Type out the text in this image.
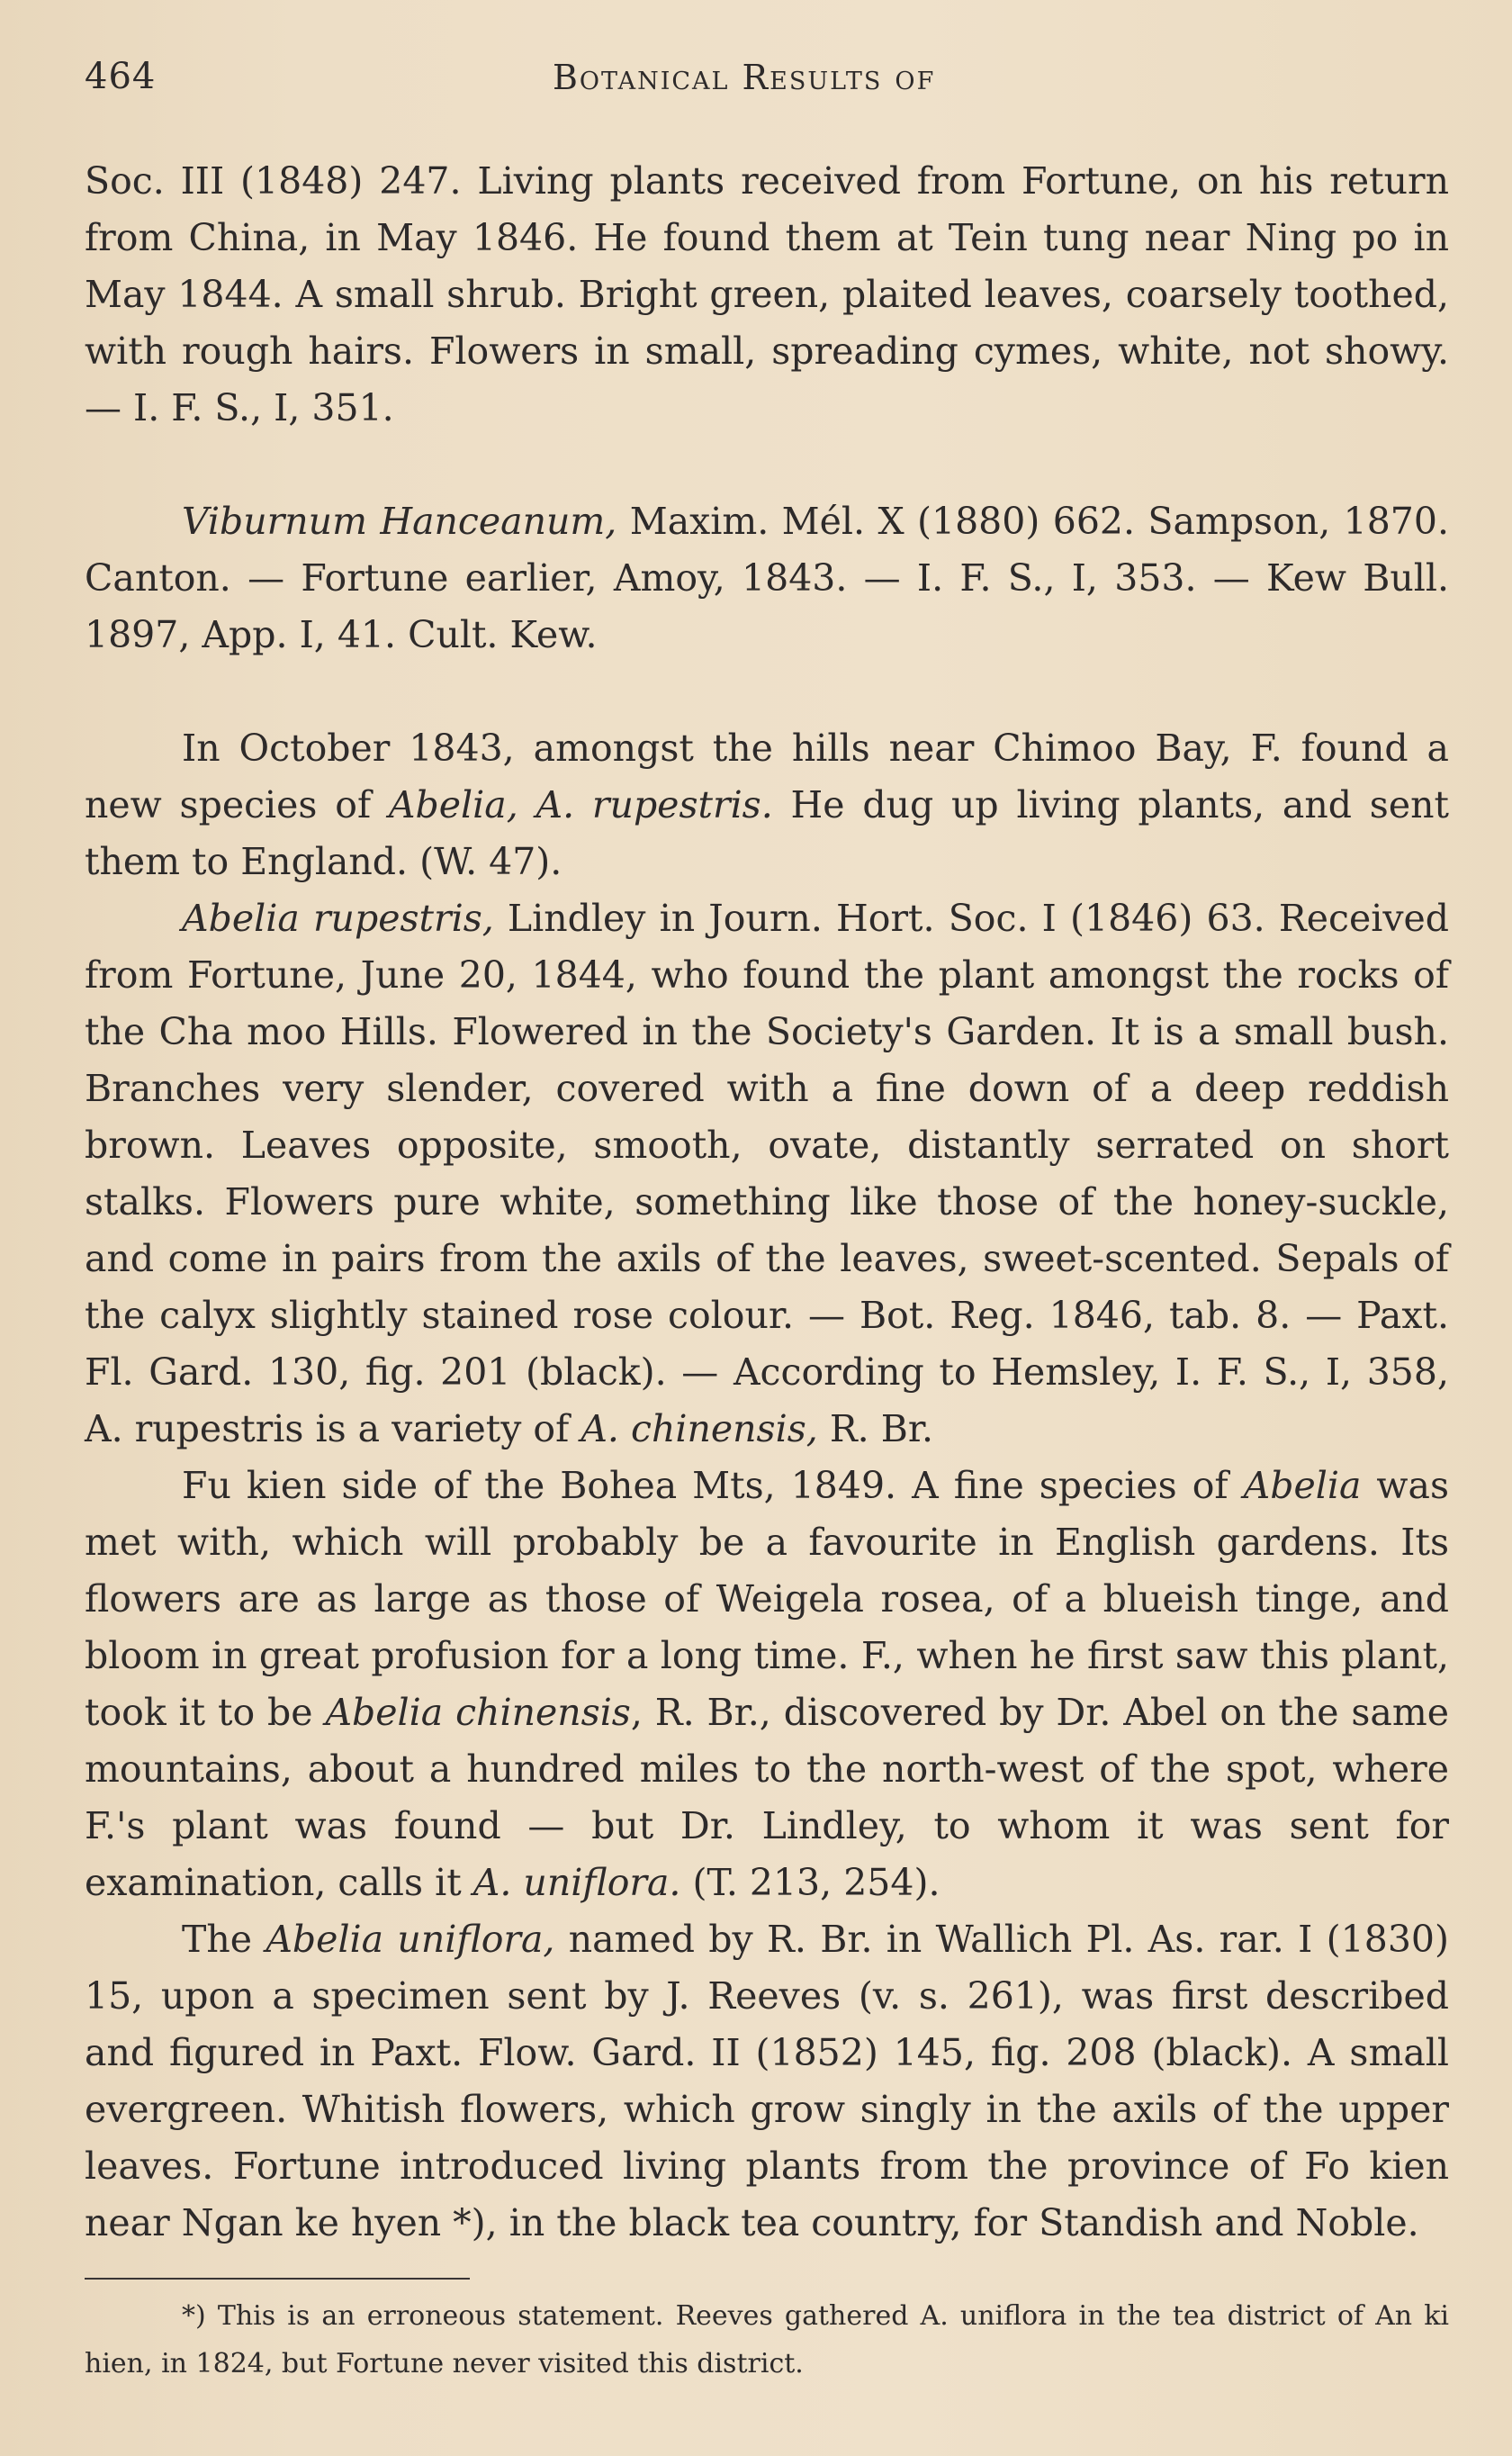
464	Botanical Results of

Soc. III (1848) 247. Living plants received from Fortune, on his return from China, in May 1846. He found them at Tein tung near Ning po in May 1844. A small shrub. Bright green, plaited leaves, coarsely toothed, with rough hairs. Flowers in small, spreading cymes, white, not showy. — I. F. S., I, 351.

Viburnum Hanceanum, Maxim. Mél. X (1880) 662. Sampson, 1870. Canton. — Fortune earlier, Amoy, 1843. — I. F. S., I, 353. — Kew Bull. 1897, App. I, 41. Cult. Kew.

In October 1843, amongst the hills near Chimoo Bay, F. found a new species of Abelia, A. rupestris. He dug up living plants, and sent them to England. (W. 47).

Abelia rupestris, Lindley in Journ. Hort. Soc. I (1846) 63. Received from Fortune, June 20, 1844, who found the plant amongst the rocks of the Cha moo Hills. Flowered in the Society's Garden. It is a small bush. Branches very slender, covered with a fine down of a deep reddish brown. Leaves opposite, smooth, ovate, distantly serrated on short stalks. Flowers pure white, something like those of the honey-suckle, and come in pairs from the axils of the leaves, sweet-scented. Sepals of the calyx slightly stained rose colour. — Bot. Reg. 1846, tab. 8. — Paxt. Fl. Gard. 130, fig. 201 (black). — According to Hemsley, I. F. S., I, 358, A. rupestris is a variety of A. chinensis, R. Br.

Fu kien side of the Bohea Mts, 1849. A fine species of Abelia was met with, which will probably be a favourite in English gardens. Its flowers are as large as those of Weigela rosea, of a blueish tinge, and bloom in great profusion for a long time. F., when he first saw this plant, took it to be Abelia chinensis, R. Br., discovered by Dr. Abel on the same mountains, about a hundred miles to the north-west of the spot, where F.'s plant was found — but Dr. Lindley, to whom it was sent for examination, calls it A. uniflora. (T. 213, 254).

The Abelia uniflora, named by R. Br. in Wallich Pl. As. rar. I (1830) 15, upon a specimen sent by J. Reeves (v. s. 261), was first described and figured in Paxt. Flow. Gard. II (1852) 145, fig. 208 (black). A small evergreen. Whitish flowers, which grow singly in the axils of the upper leaves. Fortune introduced living plants from the province of Fo kien near Ngan ke hyen *), in the black tea country, for Standish and Noble.

*) This is an erroneous statement. Reeves gathered A. uniflora in the tea district of An ki hien, in 1824, but Fortune never visited this district.
